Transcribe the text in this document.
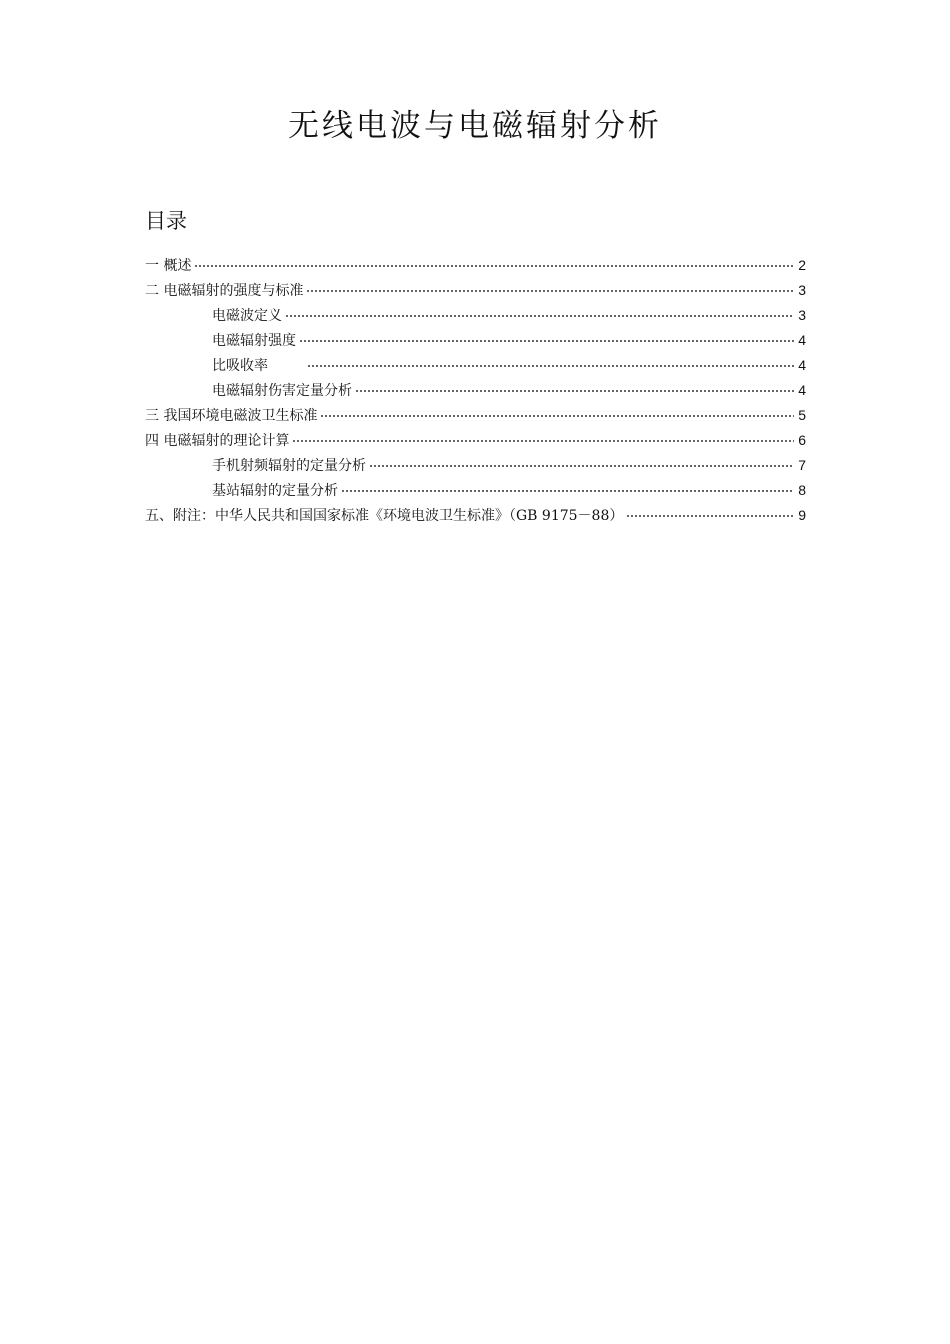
无线电波与电磁辐射分析
目录
一 概述	2
二 电磁辐射的强度与标准	3
电磁波定义	3
电磁辐射强度	4
比吸收率	4
电磁辐射伤害定量分析	4
三 我国环境电磁波卫生标准	5
四 电磁辐射的理论计算	6
手机射频辐射的定量分析	7
基站辐射的定量分析	8
五、附注：中华人民共和国国家标准《环境电波卫生标准》（GB 9175－88）	9
